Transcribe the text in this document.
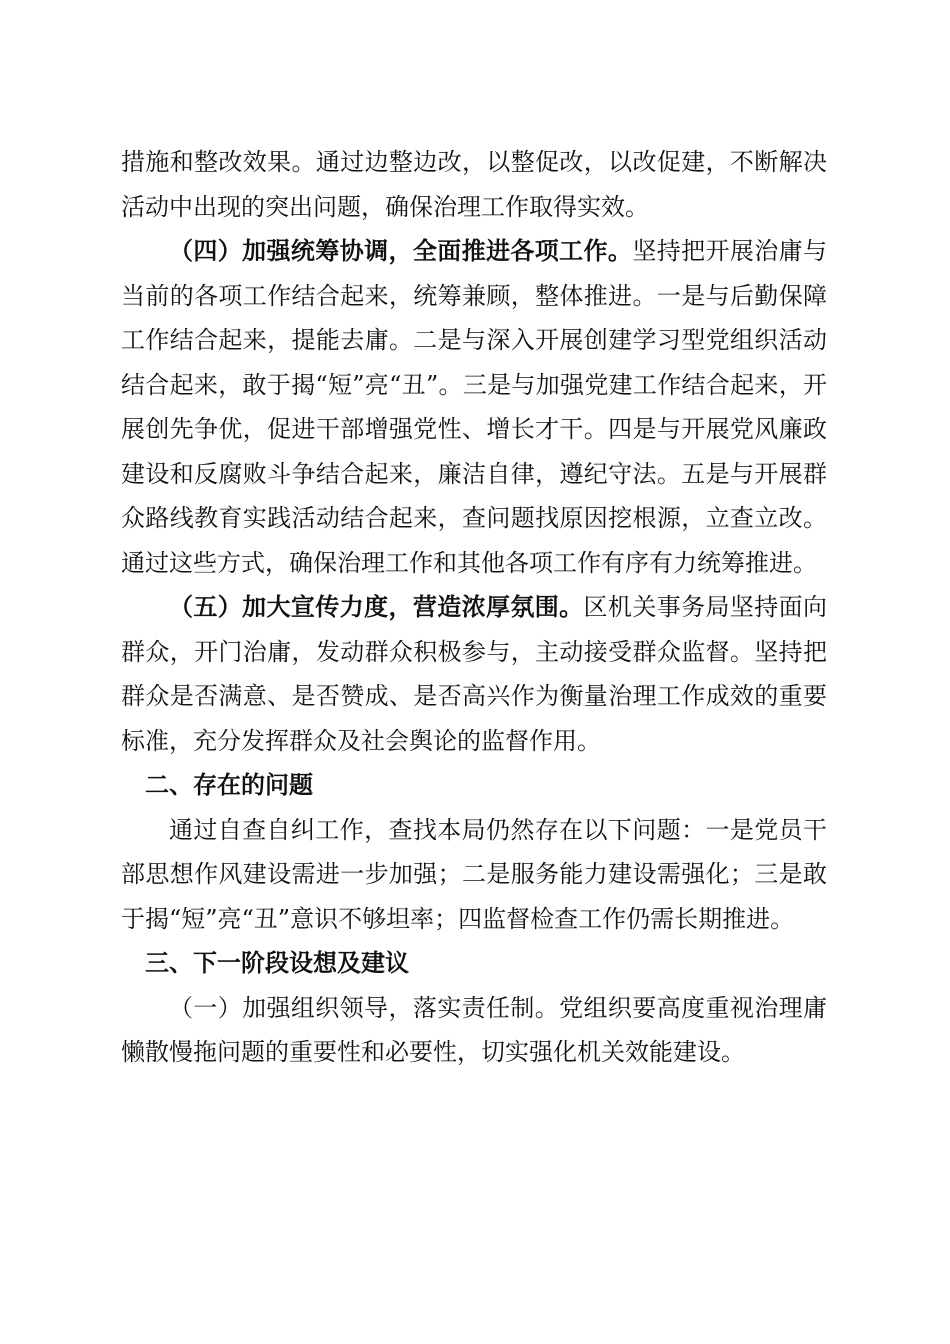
措施和整改效果。通过边整边改，以整促改，以改促建，不断解决活动中出现的突出问题，确保治理工作取得实效。

（四）加强统筹协调，全面推进各项工作。坚持把开展治庸与当前的各项工作结合起来，统筹兼顾，整体推进。一是与后勤保障工作结合起来，提能去庸。二是与深入开展创建学习型党组织活动结合起来，敢于揭“短”亮“丑”。三是与加强党建工作结合起来，开展创先争优，促进干部增强党性、增长才干。四是与开展党风廉政建设和反腐败斗争结合起来，廉洁自律，遵纪守法。五是与开展群众路线教育实践活动结合起来，查问题找原因挖根源，立查立改。通过这些方式，确保治理工作和其他各项工作有序有力统筹推进。

（五）加大宣传力度，营造浓厚氛围。区机关事务局坚持面向群众，开门治庸，发动群众积极参与，主动接受群众监督。坚持把群众是否满意、是否赞成、是否高兴作为衡量治理工作成效的重要标准，充分发挥群众及社会舆论的监督作用。

二、存在的问题

通过自查自纠工作，查找本局仍然存在以下问题：一是党员干部思想作风建设需进一步加强；二是服务能力建设需强化；三是敢于揭“短”亮“丑”意识不够坦率；四监督检查工作仍需长期推进。

三、下一阶段设想及建议

（一）加强组织领导，落实责任制。党组织要高度重视治理庸懒散慢拖问题的重要性和必要性，切实强化机关效能建设。
